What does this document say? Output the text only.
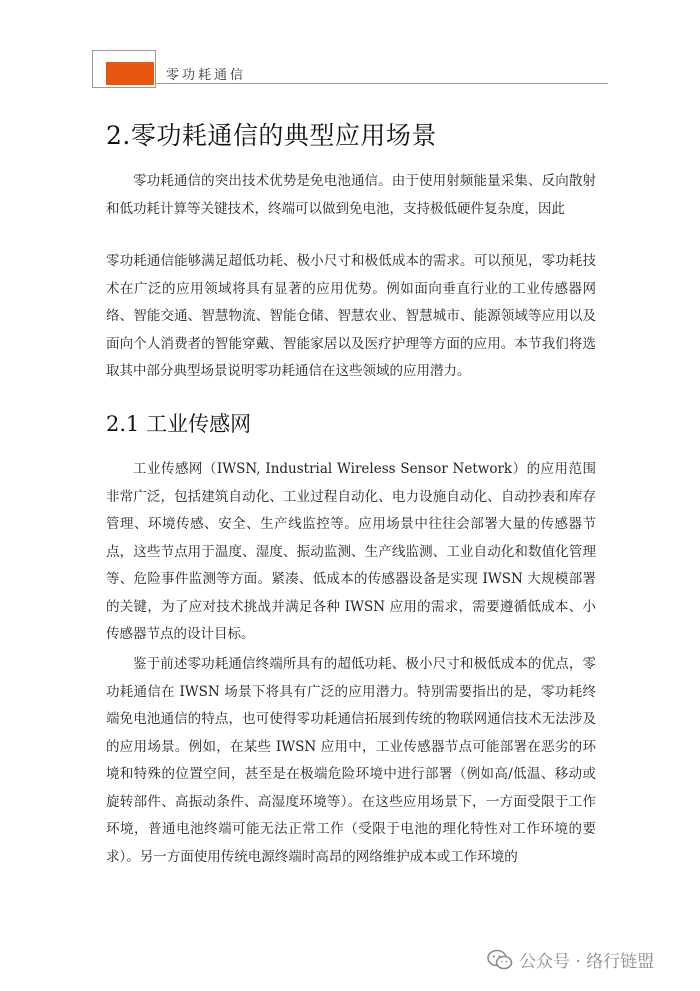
零功耗通信
2.零功耗通信的典型应用场景

零功耗通信的突出技术优势是免电池通信。由于使用射频能量采集、反向散射和低功耗计算等关键技术，终端可以做到免电池，支持极低硬件复杂度，因此

零功耗通信能够满足超低功耗、极小尺寸和极低成本的需求。可以预见，零功耗技术在广泛的应用领域将具有显著的应用优势。例如面向垂直行业的工业传感器网络、智能交通、智慧物流、智能仓储、智慧农业、智慧城市、能源领域等应用以及面向个人消费者的智能穿戴、智能家居以及医疗护理等方面的应用。本节我们将选取其中部分典型场景说明零功耗通信在这些领域的应用潜力。

2.1 工业传感网

工业传感网（IWSN, Industrial Wireless Sensor Network）的应用范围非常广泛，包括建筑自动化、工业过程自动化、电力设施自动化、自动抄表和库存管理、环境传感、安全、生产线监控等。应用场景中往往会部署大量的传感器节点，这些节点用于温度、湿度、振动监测、生产线监测、工业自动化和数值化管理等、危险事件监测等方面。紧凑、低成本的传感器设备是实现 IWSN 大规模部署的关键，为了应对技术挑战并满足各种 IWSN 应用的需求，需要遵循低成本、小传感器节点的设计目标。

鉴于前述零功耗通信终端所具有的超低功耗、极小尺寸和极低成本的优点，零功耗通信在 IWSN 场景下将具有广泛的应用潜力。特别需要指出的是，零功耗终端免电池通信的特点，也可使得零功耗通信拓展到传统的物联网通信技术无法涉及的应用场景。例如，在某些 IWSN 应用中，工业传感器节点可能部署在恶劣的环境和特殊的位置空间，甚至是在极端危险环境中进行部署（例如高/低温、移动或旋转部件、高振动条件、高湿度环境等）。在这些应用场景下，一方面受限于工作环境，普通电池终端可能无法正常工作（受限于电池的理化特性对工作环境的要求）。另一方面使用传统电源终端时高昂的网络维护成本或工作环境的

公众号 · 络行链盟
